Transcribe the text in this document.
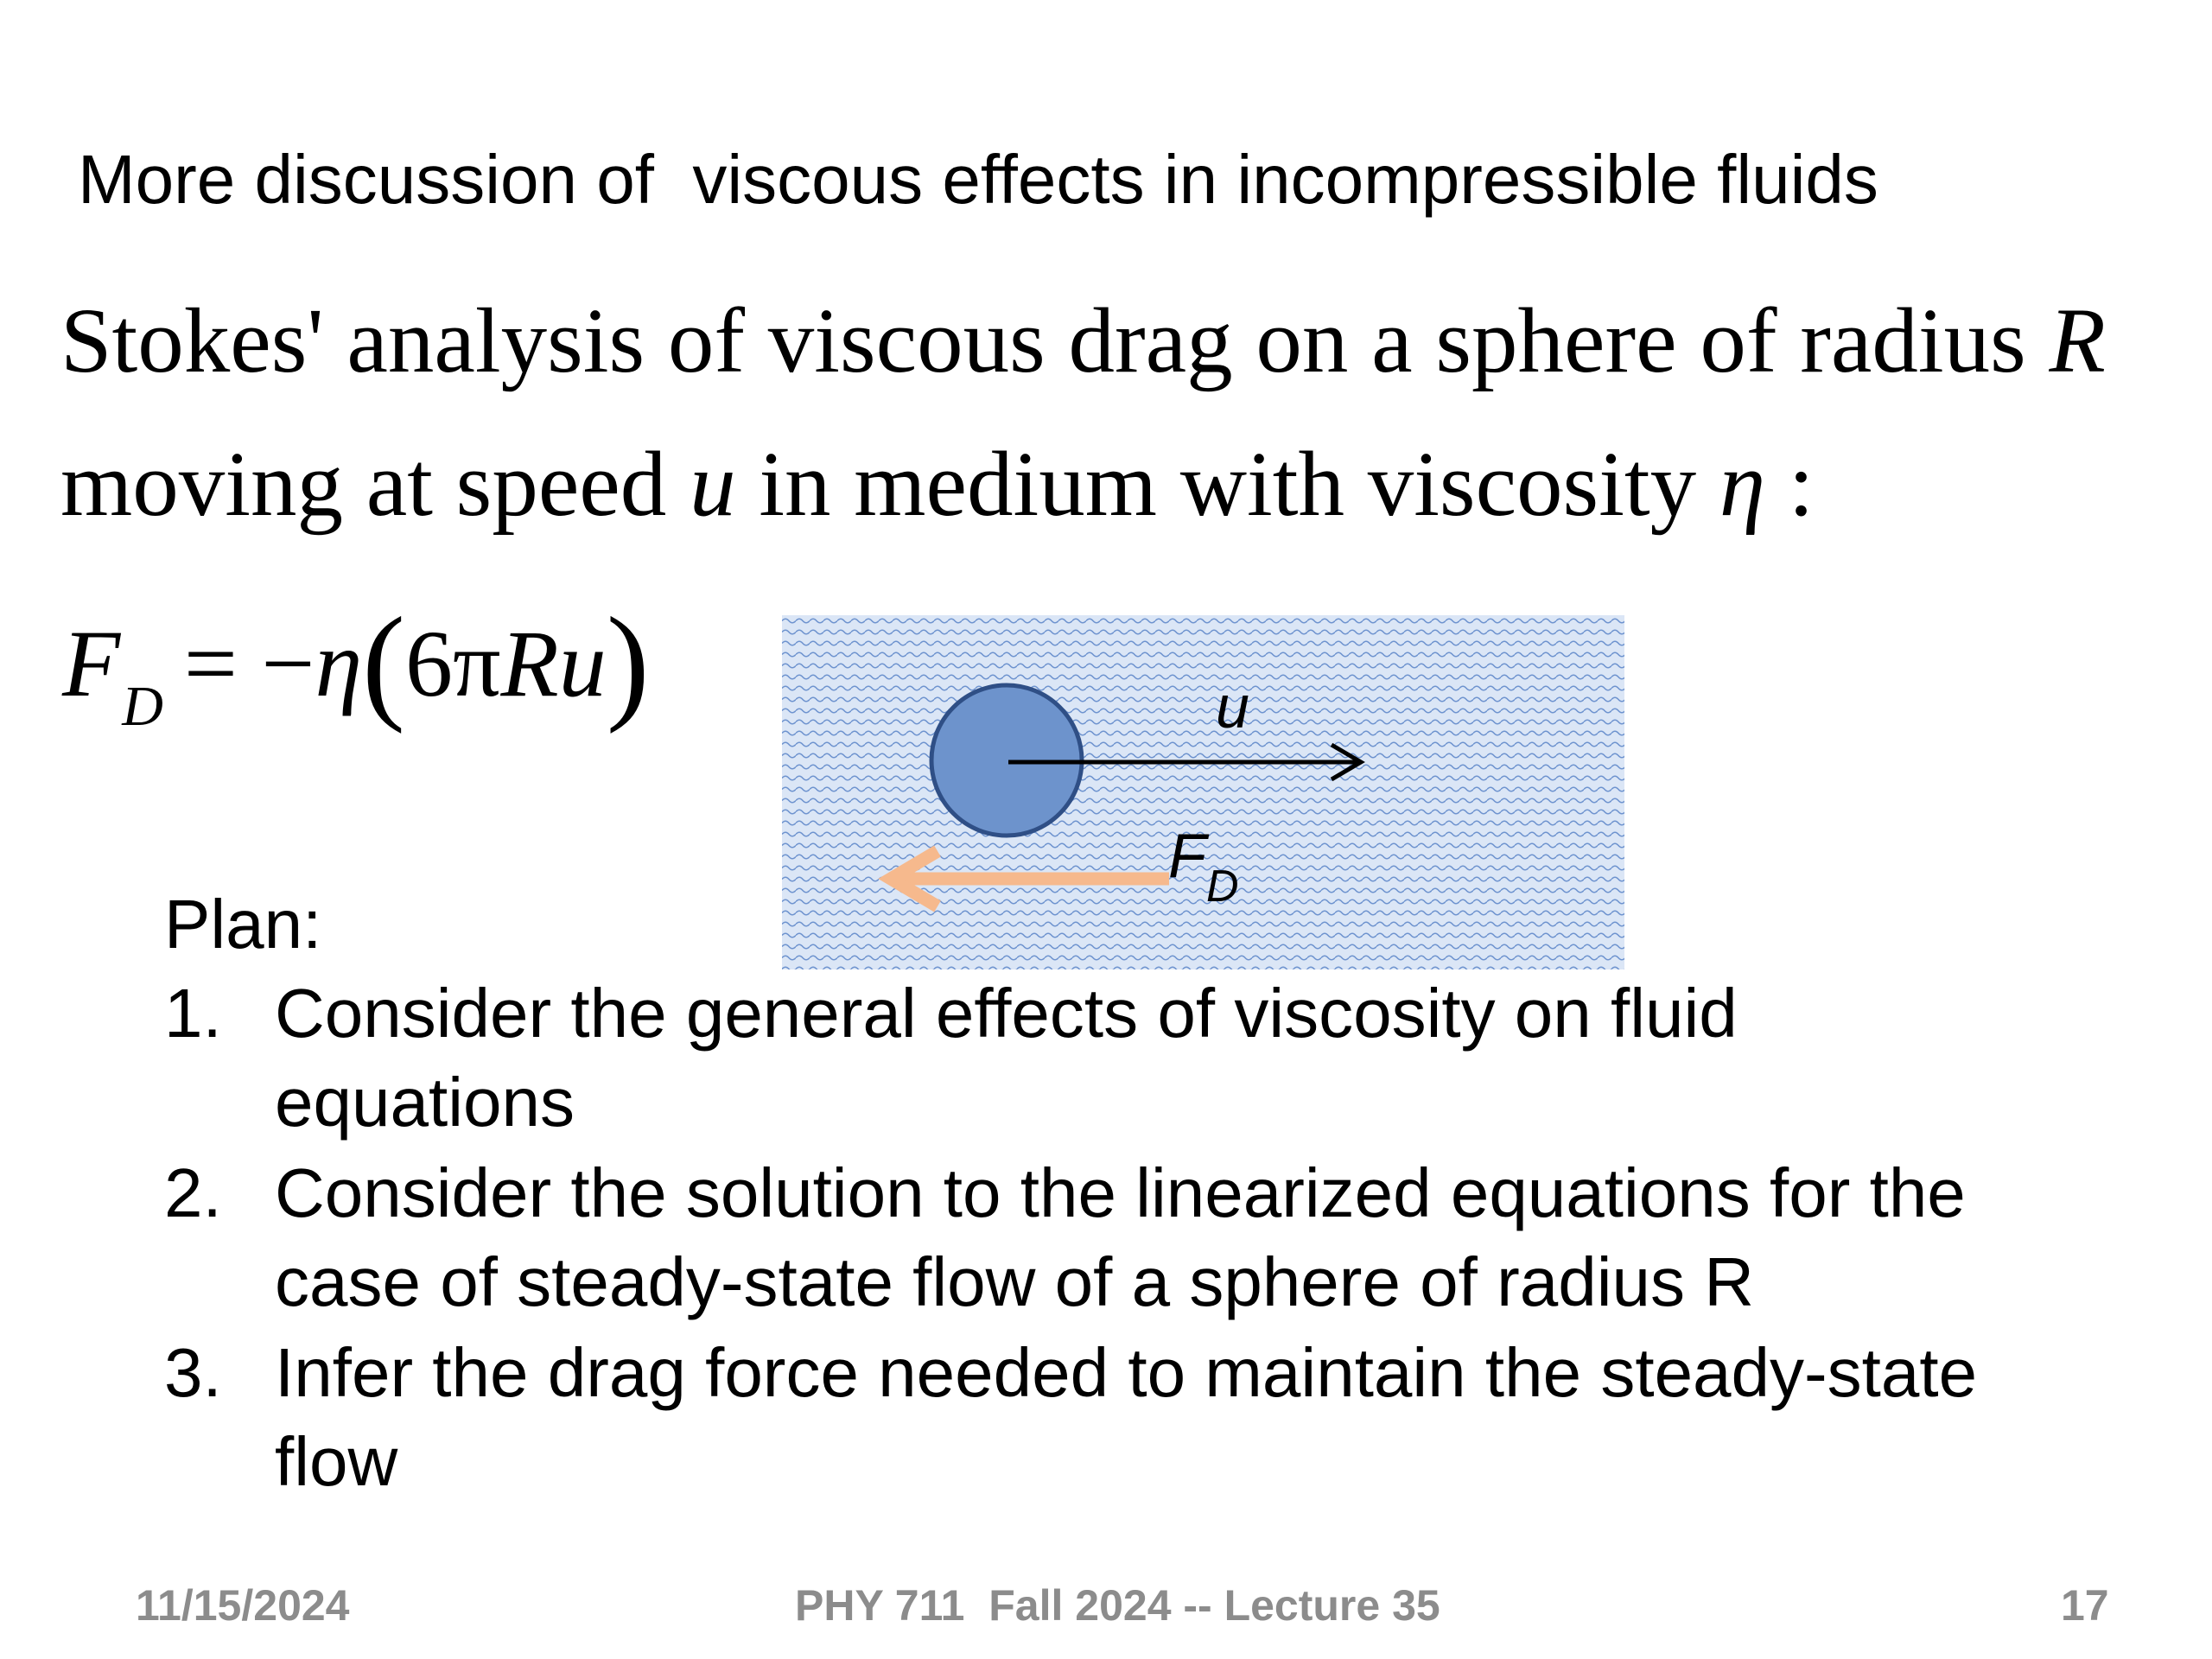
More discussion of  viscous effects in incompressible fluids
Stokes' analysis of viscous drag on a sphere of radius R
moving at speed u in medium with viscosity η :
$F_D = -\eta(6\pi Ru)$	u
$F_D$
Plan:
1. Consider the general effects of viscosity on fluid equations
2. Consider the solution to the linearized equations for the case of steady-state flow of a sphere of radius R
3. Infer the drag force needed to maintain the steady-state flow
11/15/2024	PHY 711  Fall 2024 -- Lecture 35	17
